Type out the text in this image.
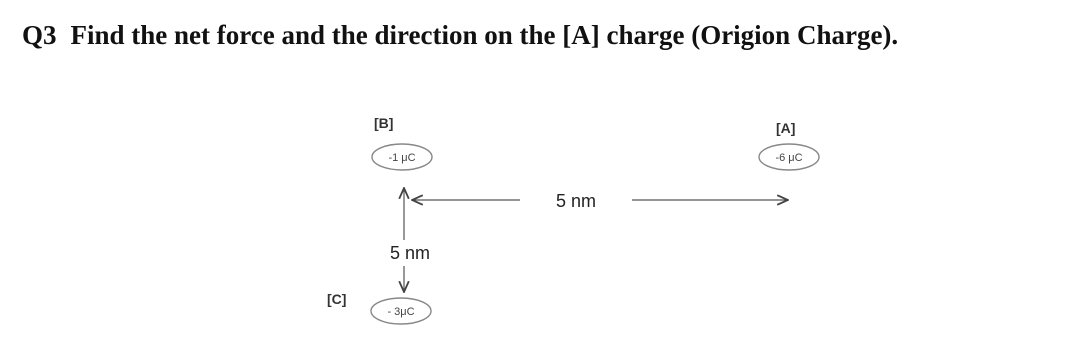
Q3 Find the net force and the direction on the [A] charge (Origion Charge).
[B]
-1 μC
[A]
-6 μC
[C]
- 3μC
5 nm
5 nm
